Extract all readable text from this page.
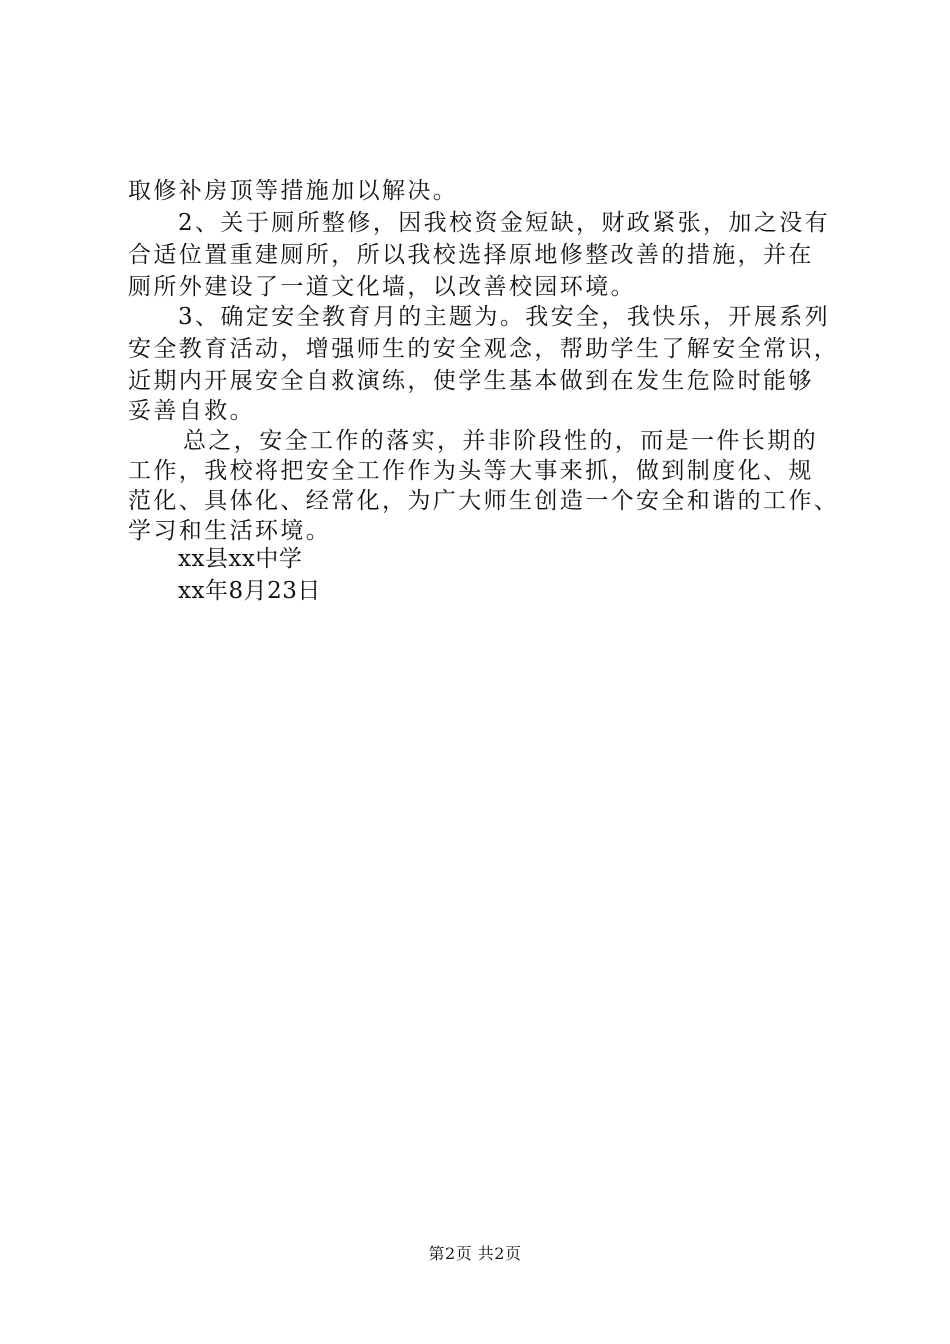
取修补房顶等措施加以解决。
2、关于厕所整修，因我校资金短缺，财政紧张，加之没有
合适位置重建厕所，所以我校选择原地修整改善的措施，并在
厕所外建设了一道文化墙，以改善校园环境。
3、确定安全教育月的主题为。我安全，我快乐，开展系列
安全教育活动，增强师生的安全观念，帮助学生了解安全常识，
近期内开展安全自救演练，使学生基本做到在发生危险时能够
妥善自救。
总之，安全工作的落实，并非阶段性的，而是一件长期的
工作，我校将把安全工作作为头等大事来抓，做到制度化、规
范化、具体化、经常化，为广大师生创造一个安全和谐的工作、
学习和生活环境。
xx县xx中学
xx年8月23日
第2页 共2页
